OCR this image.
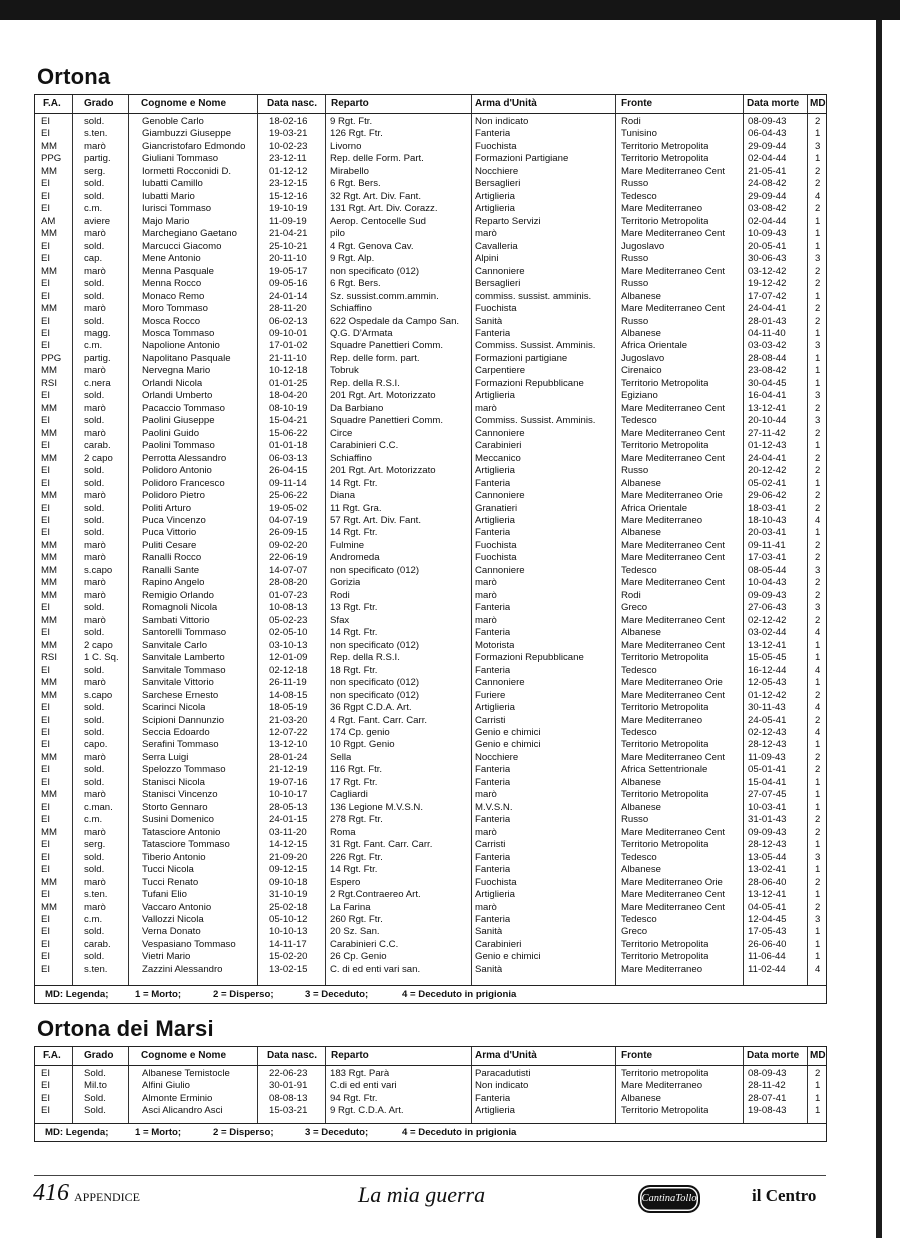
Ortona
F.A. Grado	Cognome e Nome	Data nasc. Reparto	Arma d'Unità	Fronte	Data morte MD
EI	sold.	Genoble Carlo	18-02-16 9 Rgt. Ftr.	Non indicato	Rodi	08-09-43	2
EI	s.ten.	Giambuzzi Giuseppe	19-03-21 126 Rgt. Ftr.	Fanteria	Tunisino	06-04-43	1
MM	marò	Giancristofaro Edmondo 10-02-23 Livorno	Fuochista	Territorio Metropolita	29-09-44	3
PPG partig.	Giuliani Tommaso	23-12-11 Rep. delle Form. Part.	Formazioni Partigiane	Territorio Metropolita	02-04-44	1
MM	serg.	Iormetti Rocconidi D.	01-12-12 Mirabello	Nocchiere	Mare Mediterraneo Cent 21-05-41	2
EI	sold.	Iubatti Camillo	23-12-15 6 Rgt. Bers.	Bersaglieri	Russo	24-08-42	2
EI	sold.	Iubatti Mario	15-12-16 32 Rgt. Art. Div. Fant.	Artiglieria	Tedesco	29-09-44	4
EI	c.m.	Iurisci Tommaso	19-10-19 131 Rgt. Art. Div. Corazz.	Artiglieria	Mare Mediterraneo	03-08-42	2
AM	aviere	Majo Mario	11-09-19 Aerop. Centocelle Sud	Reparto Servizi	Territorio Metropolita	02-04-44	1
MM	marò	Marchegiano Gaetano	21-04-21 pilo	marò	Mare Mediterraneo Cent 10-09-43	1
EI	sold.	Marcucci Giacomo	25-10-21 4 Rgt. Genova Cav.	Cavalleria	Jugoslavo	20-05-41	1
EI	cap.	Mene Antonio	20-11-10 9 Rgt. Alp.	Alpini	Russo	30-06-43	3
MM	marò	Menna Pasquale	19-05-17 non specificato (012)	Cannoniere	Mare Mediterraneo Cent 03-12-42	2
EI	sold.	Menna Rocco	09-05-16 6 Rgt. Bers.	Bersaglieri	Russo	19-12-42	2
EI	sold.	Monaco Remo	24-01-14 Sz. sussist.comm.ammin.	commiss. sussist. amminis.	Albanese	17-07-42	1
MM	marò	Moro Tommaso	28-11-20 Schiaffino	Fuochista	Mare Mediterraneo Cent 24-04-41	2
EI	sold.	Mosca Rocco	06-02-13 622 Ospedale da Campo San. Sanità	Russo	28-01-43	2
EI	magg.	Mosca Tommaso	09-10-01 Q.G. D'Armata	Fanteria	Albanese	04-11-40	1
EI	c.m.	Napolione Antonio	17-01-02 Squadre Panettieri Comm.	Commiss. Sussist. Amminis.	Africa Orientale	03-03-42	3
PPG partig.	Napolitano Pasquale	21-11-10 Rep. delle form. part.	Formazioni partigiane	Jugoslavo	28-08-44	1
MM	marò	Nervegna Mario	10-12-18 Tobruk	Carpentiere	Cirenaico	23-08-42	1
RSI	c.nera	Orlandi Nicola	01-01-25 Rep. della R.S.I.	Formazioni Repubblicane	Territorio Metropolita	30-04-45	1
EI	sold.	Orlandi Umberto	18-04-20 201 Rgt. Art. Motorizzato	Artiglieria	Egiziano	16-04-41	3
MM	marò	Pacaccio Tommaso	08-10-19 Da Barbiano	marò	Mare Mediterraneo Cent 13-12-41	2
EI	sold.	Paolini Giuseppe	15-04-21 Squadre Panettieri Comm.	Commiss. Sussist. Amminis.	Tedesco	20-10-44	3
MM	marò	Paolini Guido	15-06-22 Circe	Cannoniere	Mare Mediterraneo Cent 27-11-42	2
EI	carab.	Paolini Tommaso	01-01-18 Carabinieri C.C.	Carabinieri	Territorio Metropolita	01-12-43	1
MM	2 capo	Perrotta Alessandro	06-03-13 Schiaffino	Meccanico	Mare Mediterraneo Cent 24-04-41	2
EI	sold.	Polidoro Antonio	26-04-15 201 Rgt. Art. Motorizzato	Artiglieria	Russo	20-12-42	2
EI	sold.	Polidoro Francesco	09-11-14 14 Rgt. Ftr.	Fanteria	Albanese	05-02-41	1
MM	marò	Polidoro Pietro	25-06-22 Diana	Cannoniere	Mare Mediterraneo Orie	29-06-42	2
EI	sold.	Politi Arturo	19-05-02 11 Rgt. Gra.	Granatieri	Africa Orientale	18-03-41	2
EI	sold.	Puca Vincenzo	04-07-19 57 Rgt. Art. Div. Fant.	Artiglieria	Mare Mediterraneo	18-10-43	4
EI	sold.	Puca Vittorio	26-09-15 14 Rgt. Ftr.	Fanteria	Albanese	20-03-41	1
MM	marò	Puliti Cesare	09-02-20 Fulmine	Fuochista	Mare Mediterraneo Cent 09-11-41	2
MM	marò	Ranalli Rocco	22-06-19 Andromeda	Fuochista	Mare Mediterraneo Cent 17-03-41	2
MM	s.capo	Ranalli Sante	14-07-07 non specificato (012)	Cannoniere	Tedesco	08-05-44	3
MM	marò	Rapino Angelo	28-08-20 Gorizia	marò	Mare Mediterraneo Cent 10-04-43	2
MM	marò	Remigio Orlando	01-07-23 Rodi	marò	Rodi	09-09-43	2
EI	sold.	Romagnoli Nicola	10-08-13 13 Rgt. Ftr.	Fanteria	Greco	27-06-43	3
MM	marò	Sambati Vittorio	05-02-23 Sfax	marò	Mare Mediterraneo Cent 02-12-42	2
EI	sold.	Santorelli Tommaso	02-05-10 14 Rgt. Ftr.	Fanteria	Albanese	03-02-44	4
MM	2 capo	Sanvitale Carlo	03-10-13 non specificato (012)	Motorista	Mare Mediterraneo Cent 13-12-41	1
RSI	1 C. Sq. Sanvitale Lamberto	12-01-09 Rep. della R.S.I.	Formazioni Repubblicane	Territorio Metropolita	15-05-45	1
EI	sold.	Sanvitale Tommaso	02-12-18 18 Rgt. Ftr.	Fanteria	Tedesco	16-12-44	4
MM	marò	Sanvitale Vittorio	26-11-19 non specificato (012)	Cannoniere	Mare Mediterraneo Orie	12-05-43	1
MM	s.capo	Sarchese Ernesto	14-08-15 non specificato (012)	Furiere	Mare Mediterraneo Cent 01-12-42	2
EI	sold.	Scarinci Nicola	18-05-19 36 Rgpt C.D.A. Art.	Artiglieria	Territorio Metropolita	30-11-43	4
EI	sold.	Scipioni Dannunzio	21-03-20 4 Rgt. Fant. Carr. Carr.	Carristi	Mare Mediterraneo	24-05-41	2
EI	sold.	Seccia Edoardo	12-07-22 174 Cp. genio	Genio e chimici	Tedesco	02-12-43	4
EI	capo.	Serafini Tommaso	13-12-10 10 Rgpt. Genio	Genio e chimici	Territorio Metropolita	28-12-43	1
MM	marò	Serra Luigi	28-01-24 Sella	Nocchiere	Mare Mediterraneo Cent 11-09-43	2
EI	sold.	Spelozzo Tommaso	21-12-19 116 Rgt. Ftr.	Fanteria	Africa Settentrionale	05-01-41	2
EI	sold.	Stanisci Nicola	19-07-16 17 Rgt. Ftr.	Fanteria	Albanese	15-04-41	1
MM	marò	Stanisci Vincenzo	10-10-17 Cagliardi	marò	Territorio Metropolita	27-07-45	1
EI	c.man.	Storto Gennaro	28-05-13 136 Legione M.V.S.N.	M.V.S.N.	Albanese	10-03-41	1
EI	c.m.	Susini Domenico	24-01-15 278 Rgt. Ftr.	Fanteria	Russo	31-01-43	2
MM	marò	Tatasciore Antonio	03-11-20 Roma	marò	Mare Mediterraneo Cent 09-09-43	2
EI	serg.	Tatasciore Tommaso	14-12-15 31 Rgt. Fant. Carr. Carr.	Carristi	Territorio Metropolita	28-12-43	1
EI	sold.	Tiberio Antonio	21-09-20 226 Rgt. Ftr.	Fanteria	Tedesco	13-05-44	3
EI	sold.	Tucci Nicola	09-12-15 14 Rgt. Ftr.	Fanteria	Albanese	13-02-41	1
MM	marò	Tucci Renato	09-10-18 Espero	Fuochista	Mare Mediterraneo Orie	28-06-40	2
EI	s.ten.	Tufani Elio	31-10-19 2 Rgt.Contraereo Art.	Artiglieria	Mare Mediterraneo Cent 13-12-41	1
MM	marò	Vaccaro Antonio	25-02-18 La Farina	marò	Mare Mediterraneo Cent 04-05-41	2
EI	c.m.	Vallozzi Nicola	05-10-12 260 Rgt. Ftr.	Fanteria	Tedesco	12-04-45	3
EI	sold.	Verna Donato	10-10-13 20 Sz. San.	Sanità	Greco	17-05-43	1
EI	carab.	Vespasiano Tommaso	14-11-17 Carabinieri C.C.	Carabinieri	Territorio Metropolita	26-06-40	1
EI	sold.	Vietri Mario	15-02-20 26 Cp. Genio	Genio e chimici	Territorio Metropolita	11-06-44	1
EI	s.ten.	Zazzini Alessandro	13-02-15 C. di ed enti vari san.	Sanità	Mare Mediterraneo	11-02-44	4
MD: Legenda;	1 = Morto;	2 = Disperso;	3 = Deceduto;	4 = Deceduto in prigionia
Ortona dei Marsi
F.A. Grado	Cognome e Nome	Data nasc. Reparto	Arma d'Unità	Fronte	Data morte MD
EI	Sold.	Albanese Temistocle	22-06-23 183 Rgt. Parà	Paracadutisti	Territorio metropolita	08-09-43	2
EI	Mil.to	Alfini Giulio	30-01-91 C.di ed enti vari	Non indicato	Mare Mediterraneo	28-11-42	1
EI	Sold.	Almonte Erminio	08-08-13 94 Rgt. Ftr.	Fanteria	Albanese	28-07-41	1
EI	Sold.	Asci Alicandro Asci	15-03-21 9 Rgt. C.D.A. Art.	Artiglieria	Territorio Metropolita	19-08-43	1
MD: Legenda;	1 = Morto;	2 = Disperso;	3 = Deceduto;	4 = Deceduto in prigionia
416 APPENDICE	La mia guerra	CantinaTollo	il Centro
